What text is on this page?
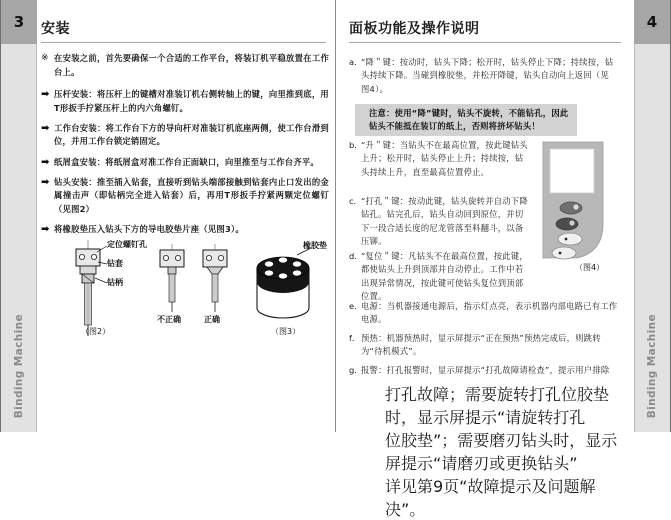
3
Binding Machine
4
Binding Machine
安装
※ 在安装之前，首先要确保一个合适的工作平台，将装订机平稳放置在工作台上。
➡ 压杆安装：将压杆上的键槽对准装订机右侧转轴上的键，向里推到底，用T形扳手拧紧压杆上的内六角螺钉。
➡ 工作台安装：将工作台下方的导向杆对准装订机底座两侧，使工作台滑到位，并用工作台锁定销固定。
➡ 纸屑盒安装：将纸屑盒对准工作台正面缺口，向里推至与工作台齐平。
➡ 钻头安装：推至插入钻套，直接听到钻头端部接触到钻套内止口发出的金属撞击声（即钻柄完全进入钻套）后，再用T形扳手拧紧两颗定位螺钉（见图2）
➡ 将橡胶垫压入钻头下方的导电胶垫片座（见图3）。
定位螺钉孔
钻套
钻柄
（图2）
不正确	正确
橡胶垫
（图3）
面板功能及操作说明
a．
“降＂键：按动时，钻头下降；松开时，钻头停止下降；持续按，钻头持续下降。当碰到橡胶垫，并松开降键，钻头自动向上返回（见图4）。
注意：使用“降”键时，钻头不旋转，不能钻孔，因此钻头不能抵在装订的纸上，否则将挤坏钻头！
b．
“升＂键：当钻头不在最高位置，按此键钻头上升；松开时，钻头停止上升；持续按，钻头持续上升，直至最高位置停止。
c． “打孔＂键：按动此键，钻头旋转并自动下降钻孔。钻完孔后，钻头自动回到原位，并切下一段合适长度的尼龙管落至料翻斗，以备压铆。
d．
“复位＂键：凡钻头不在最高位置，按此键，都使钻头上升到顶部并自动停止。工作中若出现异常情况，按此键可使钻头复位到顶部位置。
e．
电源：当机器接通电源后，指示灯点亮，表示机器内部电路已有工作电源。
f． 预热：机器预热时，显示屏提示“正在预热”预热完成后，则跳转为“待机模式”。
g．
报警：打孔报警时，显示屏提示“打孔故障请检查”，提示用户排除
打孔故障；需要旋转打孔位胶垫时，显示屏提示“请旋转打孔
位胶垫”；需要磨刃钻头时，显示屏提示“请磨刃或更换钻头”
详见第9页“故障提示及问题解决”。
（图4）
